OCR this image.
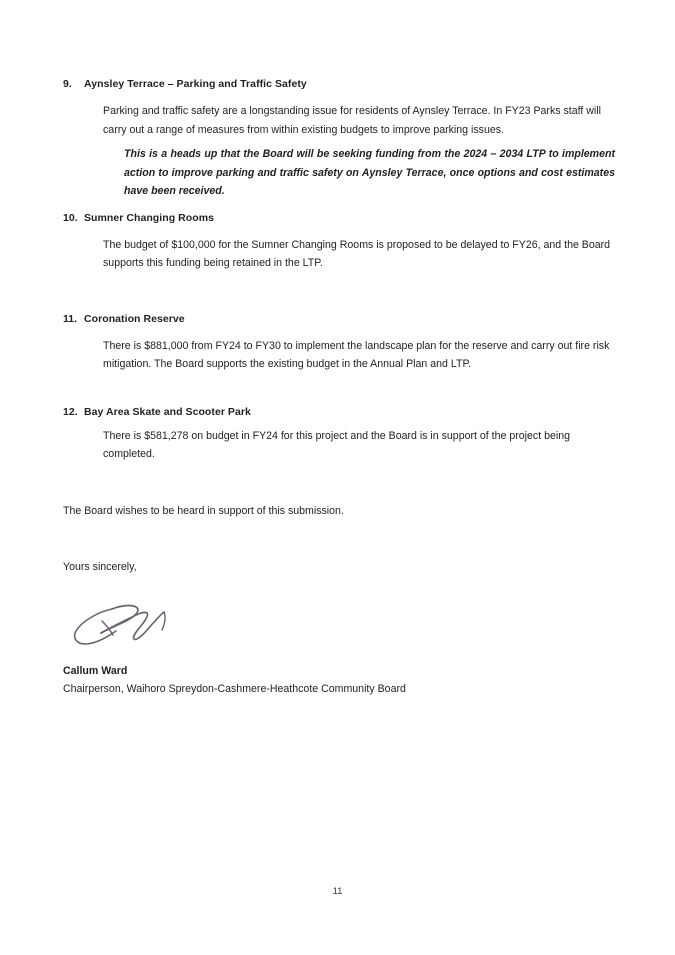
9.	Aynsley Terrace – Parking and Traffic Safety

Parking and traffic safety are a longstanding issue for residents of Aynsley Terrace. In FY23 Parks staff will carry out a range of measures from within existing budgets to improve parking issues.

This is a heads up that the Board will be seeking funding from the 2024 – 2034 LTP to implement action to improve parking and traffic safety on Aynsley Terrace, once options and cost estimates have been received.

10. Sumner Changing Rooms

The budget of $100,000 for the Sumner Changing Rooms is proposed to be delayed to FY26, and the Board supports this funding being retained in the LTP.

11. Coronation Reserve

There is $881,000 from FY24 to FY30 to implement the landscape plan for the reserve and carry out fire risk mitigation. The Board supports the existing budget in the Annual Plan and LTP.

12. Bay Area Skate and Scooter Park

There is $581,278 on budget in FY24 for this project and the Board is in support of the project being completed.

The Board wishes to be heard in support of this submission.

Yours sincerely,

Callum Ward
Chairperson, Waihoro Spreydon-Cashmere-Heathcote Community Board
11
